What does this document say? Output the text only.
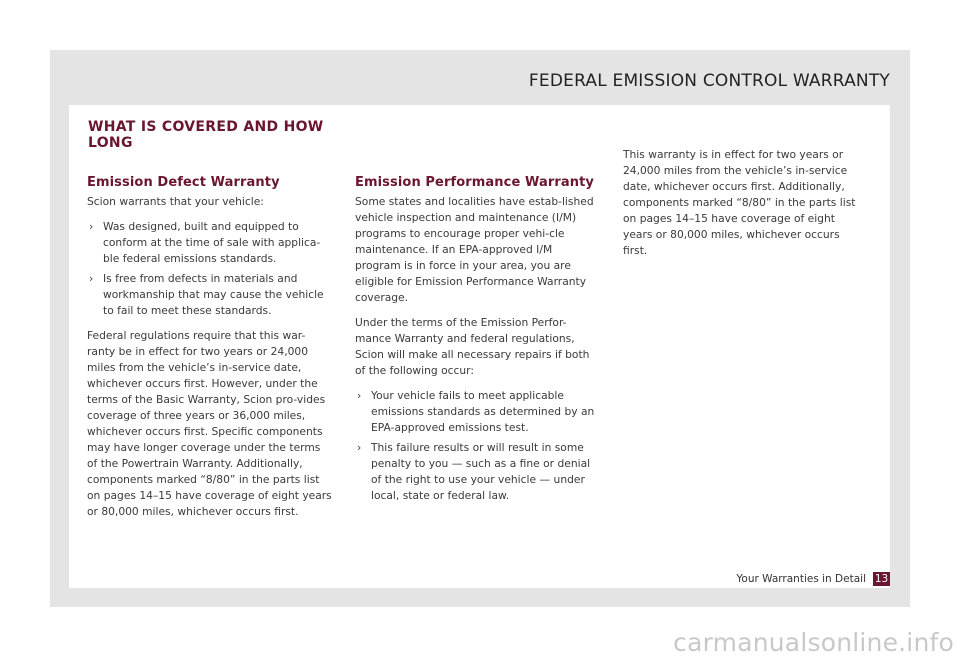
FEDERAL EMISSION CONTROL WARRANTY
WHAT IS COVERED AND HOW LONG
Emission Defect Warranty

Scion warrants that your vehicle:

› Was designed, built and equipped to conform at the time of sale with applica-ble federal emissions standards.
› Is free from defects in materials and workmanship that may cause the vehicle to fail to meet these standards.

Federal regulations require that this war-ranty be in effect for two years or 24,000 miles from the vehicle’s in-service date, whichever occurs first. However, under the terms of the Basic Warranty, Scion pro-vides coverage of three years or 36,000 miles, whichever occurs first. Specific components may have longer coverage under the terms of the Powertrain Warranty. Additionally, components marked “8/80” in the parts list on pages 14–15 have coverage of eight years or 80,000 miles, whichever occurs first.

Emission Performance Warranty

Some states and localities have estab-lished vehicle inspection and maintenance (I/M) programs to encourage proper vehi-cle maintenance. If an EPA-approved I/M program is in force in your area, you are eligible for Emission Performance Warranty coverage.

Under the terms of the Emission Perfor-mance Warranty and federal regulations, Scion will make all necessary repairs if both of the following occur:

› Your vehicle fails to meet applicable emissions standards as determined by an EPA-approved emissions test.
› This failure results or will result in some penalty to you — such as a fine or denial of the right to use your vehicle — under local, state or federal law.

This warranty is in effect for two years or 24,000 miles from the vehicle’s in-service date, whichever occurs first. Additionally, components marked “8/80” in the parts list on pages 14–15 have coverage of eight years or 80,000 miles, whichever occurs first.

Your Warranties in Detail 13
carmanualsonline.info
